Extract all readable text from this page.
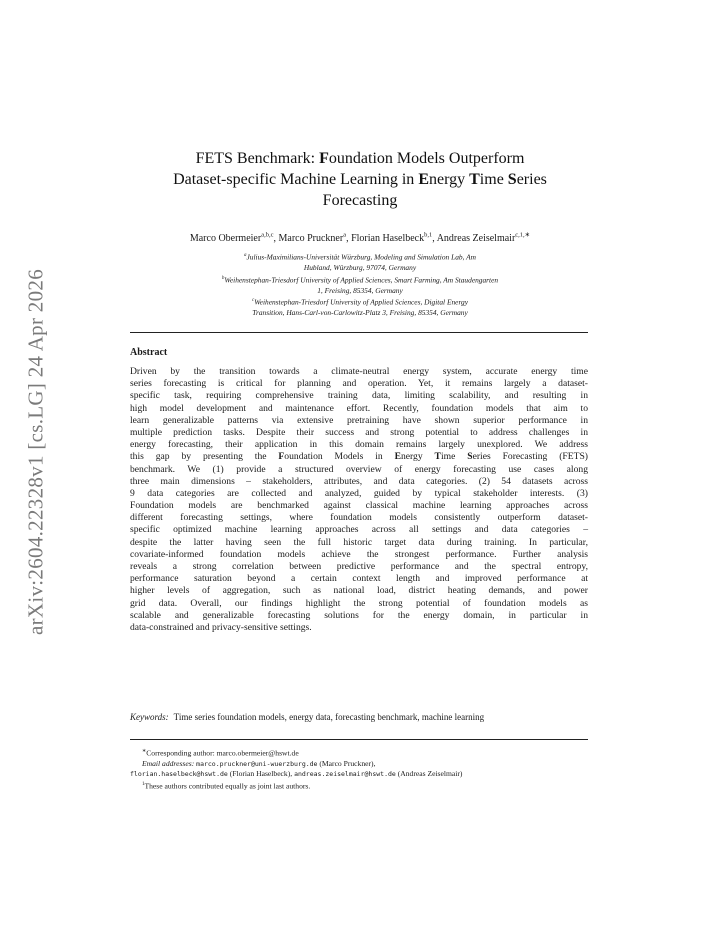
arXiv:2604.22328v1 [cs.LG] 24 Apr 2026
FETS Benchmark: Foundation Models Outperform
Dataset-specific Machine Learning in Energy Time Series
Forecasting
Marco Obermeier$^{a,b,c}$, Marco Pruckner$^a$, Florian Haselbeck$^{b,1}$, Andreas Zeiselmair$^{c,1,∗}$
$^a$Julius-Maximilians-Universität Würzburg, Modeling and Simulation Lab, Am
Hubland, Würzburg, 97074, Germany
$^b$Weihenstephan-Triesdorf University of Applied Sciences, Smart Farming, Am Staudengarten
1, Freising, 85354, Germany
$^c$Weihenstephan-Triesdorf University of Applied Sciences, Digital Energy
Transition, Hans-Carl-von-Carlowitz-Platz 3, Freising, 85354, Germany
Abstract
Driven by the transition towards a climate-neutral energy system, accurate energy time
series forecasting is critical for planning and operation. Yet, it remains largely a dataset-
specific task, requiring comprehensive training data, limiting scalability, and resulting in
high model development and maintenance effort. Recently, foundation models that aim to
learn generalizable patterns via extensive pretraining have shown superior performance in
multiple prediction tasks. Despite their success and strong potential to address challenges in
energy forecasting, their application in this domain remains largely unexplored. We address
this gap by presenting the Foundation Models in Energy Time Series Forecasting (FETS)
benchmark. We (1) provide a structured overview of energy forecasting use cases along
three main dimensions – stakeholders, attributes, and data categories. (2) 54 datasets across
9 data categories are collected and analyzed, guided by typical stakeholder interests. (3)
Foundation models are benchmarked against classical machine learning approaches across
different forecasting settings, where foundation models consistently outperform dataset-
specific optimized machine learning approaches across all settings and data categories –
despite the latter having seen the full historic target data during training. In particular,
covariate-informed foundation models achieve the strongest performance. Further analysis
reveals a strong correlation between predictive performance and the spectral entropy,
performance saturation beyond a certain context length and improved performance at
higher levels of aggregation, such as national load, district heating demands, and power
grid data. Overall, our findings highlight the strong potential of foundation models as
scalable and generalizable forecasting solutions for the energy domain, in particular in
data-constrained and privacy-sensitive settings.
Keywords: Time series foundation models, energy data, forecasting benchmark, machine learning
∗Corresponding author: marco.obermeier@hswt.de
Email addresses: marco.pruckner@uni-wuerzburg.de (Marco Pruckner),
florian.haselbeck@hswt.de (Florian Haselbeck), andreas.zeiselmair@hswt.de (Andreas Zeiselmair)
$^1$These authors contributed equally as joint last authors.
